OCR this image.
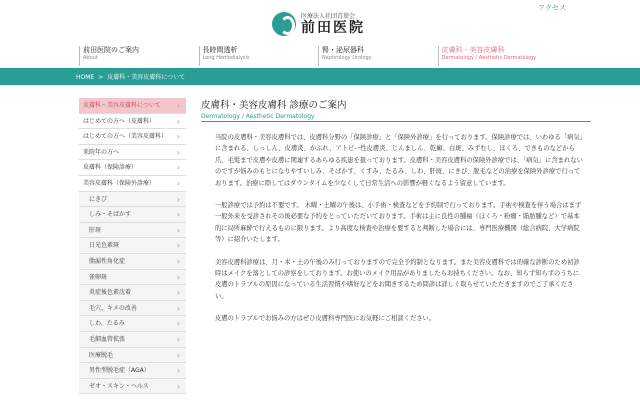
アクセス
医療法人社団青葉会
前田医院
前田医院のご案内
About
長時間透析
Long Hemodialysis
腎・泌尿器科
Nephrology Urology
皮膚科・美容皮膚科
Dermatology / Aesthetic Dermatology
HOME > 皮膚科・美容皮膚科について
皮膚科・美容皮膚科について ›
はじめての方へ（皮膚科） ›
はじめての方へ（美容皮膚科） ›
来院年の方へ ›
皮膚科（保険診療） ›
美容皮膚科（保険外診療） ›
にきび ›
しみ・そばかす ›
肝斑 ›
日光色素斑 ›
脂漏性角化症 ›
雀卵斑 ›
炎症後色素沈着 ›
毛穴、キメの改善 ›
しわ、たるみ ›
毛細血管拡張 ›
医療脱毛 ›
男性型脱毛症（AGA） ›
ゼオ・スキン・ヘルス ›
皮膚科・美容皮膚科 診療のご案内
Dermatology / Aesthetic Dermatology

当院の皮膚科・美容皮膚科では、皮膚科分野の「保険診療」と「保険外診療」を行っております。保険診療では、いわゆる「病気」に含まれる、しっしん、皮膚炎、かぶれ、アトピー性皮膚炎、じんましん、乾癬、白斑、みずむし、ほくろ、できものなどから 爪、毛髪まで皮膚や皮膚に関連するあらゆる疾患を扱っております。皮膚科・美容皮膚科の保険外診療では、「病気」に含まれないのですが悩みのもとになりやすいしみ、そばかす、くすみ、たるみ、しわ、肝斑、にきび、脱毛などの治療を保険外診療で行っております。治療に際してはダウンタイムを少なくして日常生活への影響が軽くなるよう留意しています。

一般診療では予約は不要です。 木曜・土曜の午後は、小手術・検査などを予約制で行っております。手術や検査を伴う場合はまず一般外来を受診されその後必要な予約をとっていただいております。手術は主に良性の腫瘍（ほくろ・粉瘤・脂肪腫など）で基本的に局所麻酔で行えるものに限ります。より高度な検査や治療を要すると判断した場合には、専門医療機関（総合病院、大学病院等）に紹介いたします。

美容皮膚科診療は、月・木・土の午後のみ行っておりますので完全予約制となります。また美容皮膚科では的確な診断のため初診時はメイクを落としての診察をしております。お使いのメイク用品がありましたらお持ちください。なお、知らず知らずのうちに皮膚のトラブルの原因になっている生活習慣や嗜好などをお聞きするため問診は詳しく取らせていただきますのでご了承ください。

皮膚のトラブルでお悩みの方はぜひ皮膚科専門医にお気軽にご相談ください。
